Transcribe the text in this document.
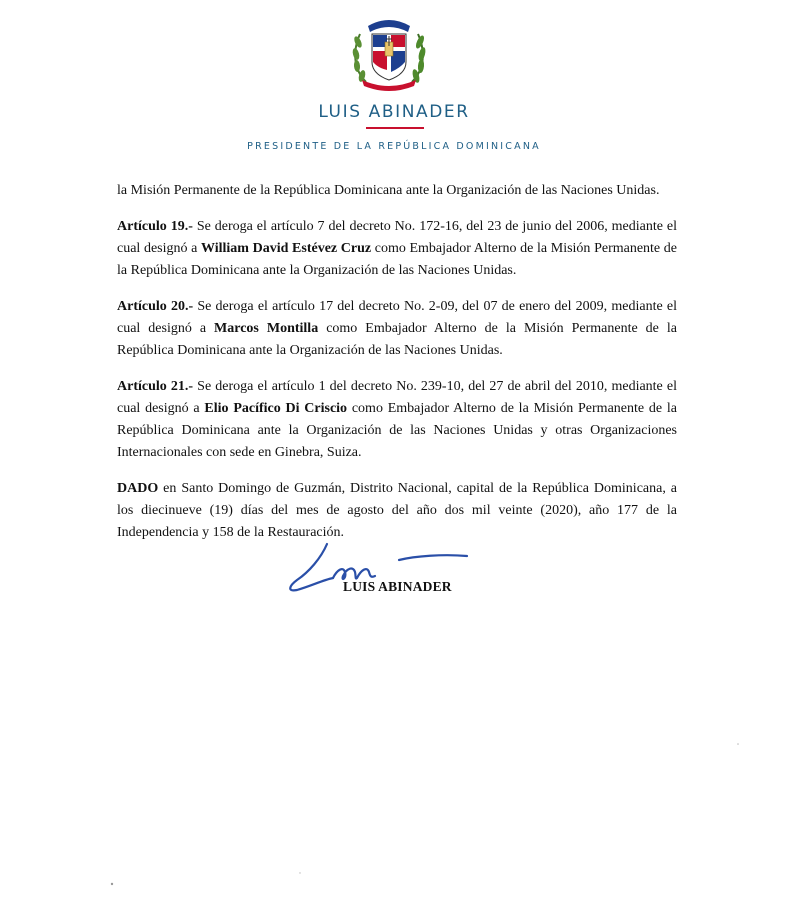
LUIS ABINADER
PRESIDENTE DE LA REPÚBLICA DOMINICANA

la Misión Permanente de la República Dominicana ante la Organización de las Naciones Unidas.

Artículo 19.- Se deroga el artículo 7 del decreto No. 172-16, del 23 de junio del 2006, mediante el cual designó a William David Estévez Cruz como Embajador Alterno de la Misión Permanente de la República Dominicana ante la Organización de las Naciones Unidas.

Artículo 20.- Se deroga el artículo 17 del decreto No. 2-09, del 07 de enero del 2009, mediante el cual designó a Marcos Montilla como Embajador Alterno de la Misión Permanente de la República Dominicana ante la Organización de las Naciones Unidas.

Artículo 21.- Se deroga el artículo 1 del decreto No. 239-10, del 27 de abril del 2010, mediante el cual designó a Elio Pacífico Di Criscio como Embajador Alterno de la Misión Permanente de la República Dominicana ante la Organización de las Naciones Unidas y otras Organizaciones Internacionales con sede en Ginebra, Suiza.

DADO en Santo Domingo de Guzmán, Distrito Nacional, capital de la República Dominicana, a los diecinueve (19) días del mes de agosto del año dos mil veinte (2020), año 177 de la Independencia y 158 de la Restauración.

LUIS ABINADER
